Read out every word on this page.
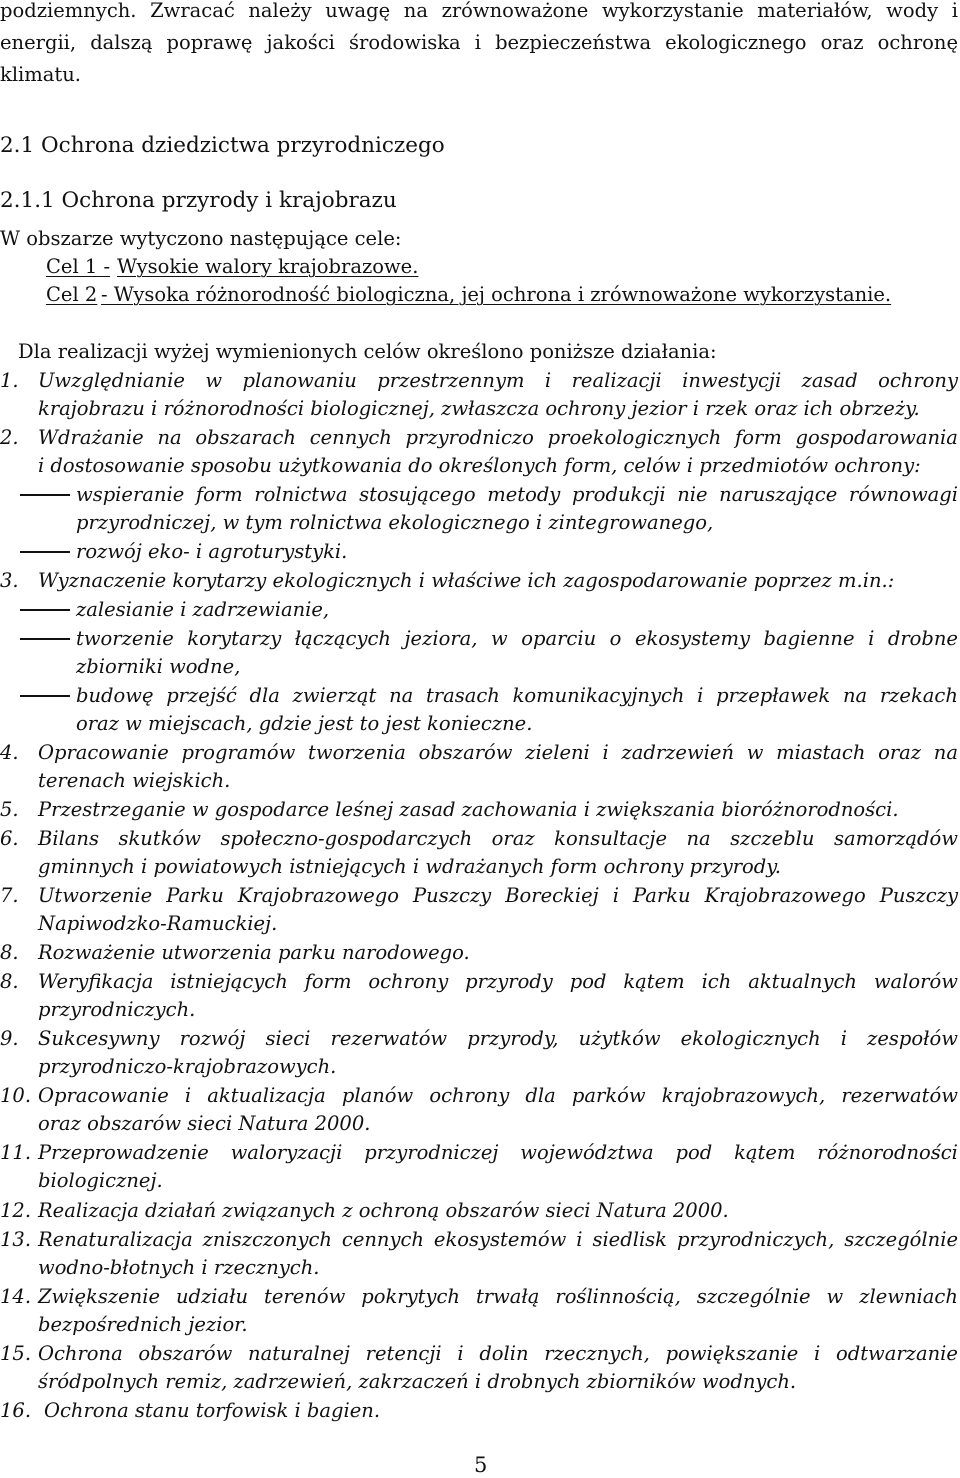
podziemnych. Zwracać należy uwagę na zrównoważone wykorzystanie materiałów, wody i
energii, dalszą poprawę jakości środowiska i bezpieczeństwa ekologicznego oraz ochronę
klimatu.
2.1 Ochrona dziedzictwa przyrodniczego
2.1.1 Ochrona przyrody i krajobrazu
W obszarze wytyczono następujące cele:
Cel 1 - Wysokie walory krajobrazowe.
Cel 2 - Wysoka różnorodność biologiczna, jej ochrona i zrównoważone wykorzystanie.
Dla realizacji wyżej wymienionych celów określono poniższe działania:
1. Uwzględnianie w planowaniu przestrzennym i realizacji inwestycji zasad ochrony
krajobrazu i różnorodności biologicznej, zwłaszcza ochrony jezior i rzek oraz ich obrzeży.
2. Wdrażanie na obszarach cennych przyrodniczo proekologicznych form gospodarowania
i dostosowanie sposobu użytkowania do określonych form, celów i przedmiotów ochrony:
wspieranie form rolnictwa stosującego metody produkcji nie naruszające równowagi
przyrodniczej, w tym rolnictwa ekologicznego i zintegrowanego,
rozwój eko- i agroturystyki.
3. Wyznaczenie korytarzy ekologicznych i właściwe ich zagospodarowanie poprzez m.in.:
zalesianie i zadrzewianie,
tworzenie korytarzy łączących jeziora, w oparciu o ekosystemy bagienne i drobne
zbiorniki wodne,
budowę przejść dla zwierząt na trasach komunikacyjnych i przepławek na rzekach
oraz w miejscach, gdzie jest to jest konieczne.
4. Opracowanie programów tworzenia obszarów zieleni i zadrzewień w miastach oraz na
terenach wiejskich.
5. Przestrzeganie w gospodarce leśnej zasad zachowania i zwiększania bioróżnorodności.
6. Bilans skutków społeczno-gospodarczych oraz konsultacje na szczeblu samorządów
gminnych i powiatowych istniejących i wdrażanych form ochrony przyrody.
7. Utworzenie Parku Krajobrazowego Puszczy Boreckiej i Parku Krajobrazowego Puszczy
Napiwodzko-Ramuckiej.
8. Rozważenie utworzenia parku narodowego.
8. Weryfikacja istniejących form ochrony przyrody pod kątem ich aktualnych walorów
przyrodniczych.
9. Sukcesywny rozwój sieci rezerwatów przyrody, użytków ekologicznych i zespołów
przyrodniczo-krajobrazowych.
10. Opracowanie i aktualizacja planów ochrony dla parków krajobrazowych, rezerwatów
oraz obszarów sieci Natura 2000.
11. Przeprowadzenie waloryzacji przyrodniczej województwa pod kątem różnorodności
biologicznej.
12. Realizacja działań związanych z ochroną obszarów sieci Natura 2000.
13. Renaturalizacja zniszczonych cennych ekosystemów i siedlisk przyrodniczych, szczególnie
wodno-błotnych i rzecznych.
14. Zwiększenie udziału terenów pokrytych trwałą roślinnością, szczególnie w zlewniach
bezpośrednich jezior.
15. Ochrona obszarów naturalnej retencji i dolin rzecznych, powiększanie i odtwarzanie
śródpolnych remiz, zadrzewień, zakrzaczeń i drobnych zbiorników wodnych.
16. Ochrona stanu torfowisk i bagien.
5
